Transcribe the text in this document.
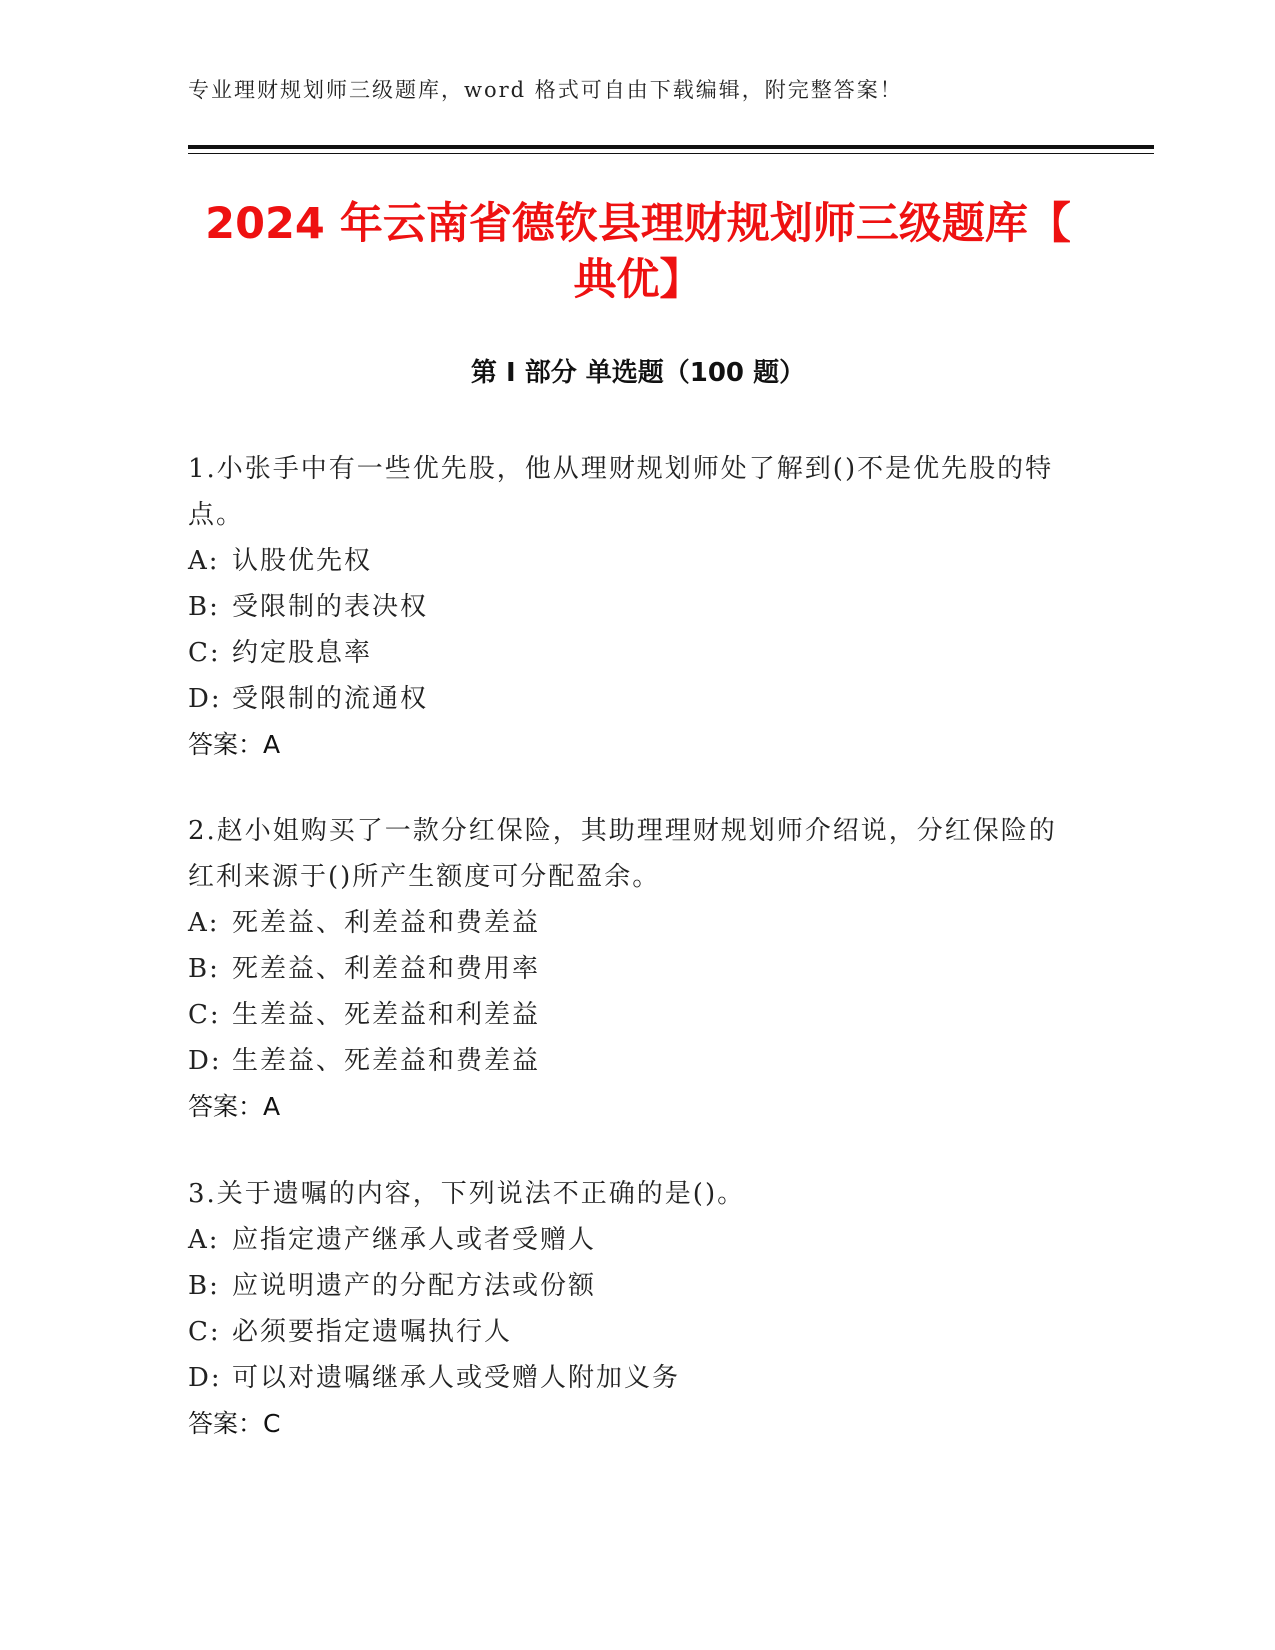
专业理财规划师三级题库，word 格式可自由下载编辑，附完整答案！
2024 年云南省德钦县理财规划师三级题库【
典优】
第 I 部分 单选题（100 题）

1.小张手中有一些优先股，他从理财规划师处了解到()不是优先股的特点。

A: 认股优先权

B: 受限制的表决权

C: 约定股息率

D: 受限制的流通权

答案：A

2.赵小姐购买了一款分红保险，其助理理财规划师介绍说，分红保险的红利来源于()所产生额度可分配盈余。

A: 死差益、利差益和费差益

B: 死差益、利差益和费用率

C: 生差益、死差益和利差益

D: 生差益、死差益和费差益

答案：A

3.关于遗嘱的内容，下列说法不正确的是()。

A: 应指定遗产继承人或者受赠人

B: 应说明遗产的分配方法或份额

C: 必须要指定遗嘱执行人

D: 可以对遗嘱继承人或受赠人附加义务

答案：C
